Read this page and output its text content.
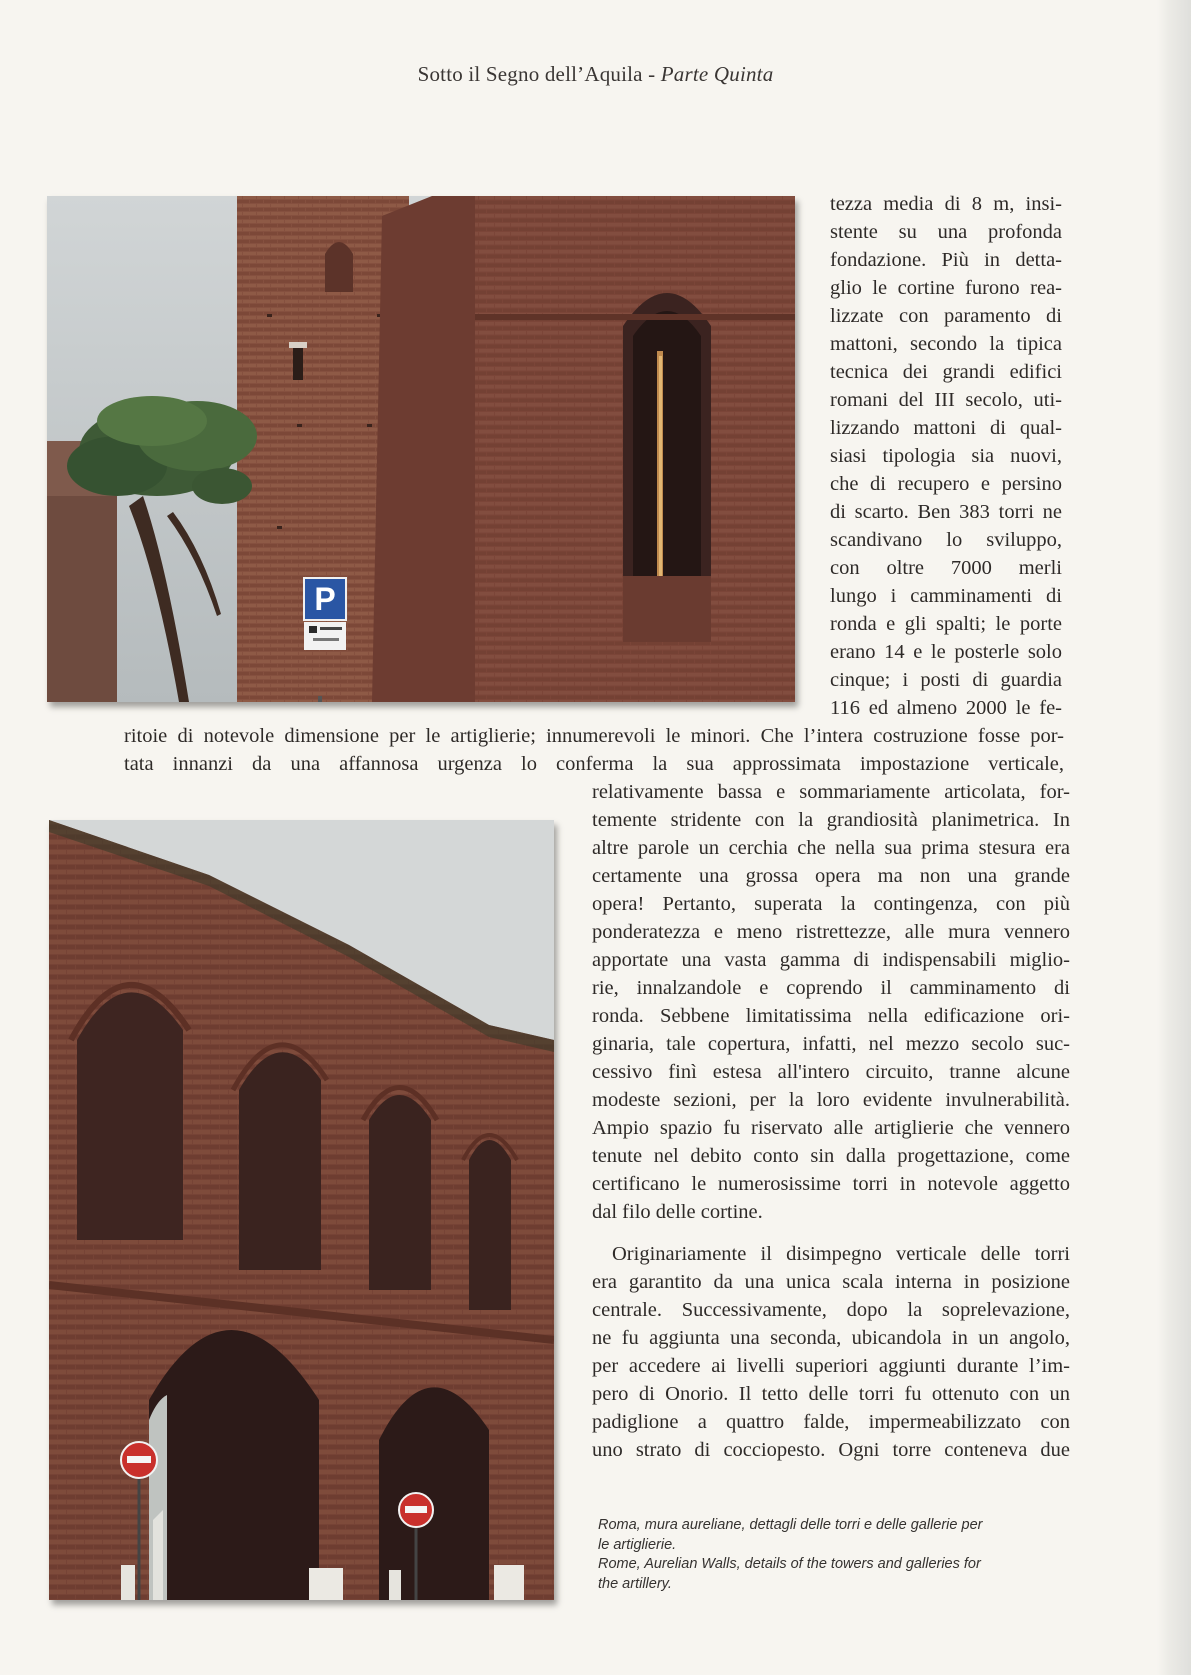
Sotto il Segno dell’Aquila - Parte Quinta
P
tezza media di 8 m, insi-
stente su una profonda
fondazione. Più in detta-
glio le cortine furono rea-
lizzate con paramento di
mattoni, secondo la tipica
tecnica dei grandi edifici
romani del III secolo, uti-
lizzando mattoni di qual-
siasi tipologia sia nuovi,
che di recupero e persino
di scarto. Ben 383 torri ne
scandivano lo sviluppo,
con oltre 7000 merli
lungo i camminamenti di
ronda e gli spalti; le porte
erano 14 e le posterle solo
cinque; i posti di guardia
116 ed almeno 2000 le fe-
ritoie di notevole dimensione per le artiglierie; innumerevoli le minori. Che l’intera costruzione fosse por-
tata innanzi da una affannosa urgenza lo conferma la sua approssimata impostazione verticale,
relativamente bassa e sommariamente articolata, for-
temente stridente con la grandiosità planimetrica. In
altre parole un cerchia che nella sua prima stesura era
certamente una grossa opera ma non una grande
opera! Pertanto, superata la contingenza, con più
ponderatezza e meno ristrettezze, alle mura vennero
apportate una vasta gamma di indispensabili miglio-
rie, innalzandole e coprendo il camminamento di
ronda. Sebbene limitatissima nella edificazione ori-
ginaria, tale copertura, infatti, nel mezzo secolo suc-
cessivo finì estesa all'intero circuito, tranne alcune
modeste sezioni, per la loro evidente invulnerabilità.
Ampio spazio fu riservato alle artiglierie che vennero
tenute nel debito conto sin dalla progettazione, come
certificano le numerosissime torri in notevole aggetto
dal filo delle cortine.
Originariamente il disimpegno verticale delle torri
era garantito da una unica scala interna in posizione
centrale. Successivamente, dopo la soprelevazione,
ne fu aggiunta una seconda, ubicandola in un angolo,
per accedere ai livelli superiori aggiunti durante l’im-
pero di Onorio. Il tetto delle torri fu ottenuto con un
padiglione a quattro falde, impermeabilizzato con
uno strato di cocciopesto. Ogni torre conteneva due
Roma, mura aureliane, dettagli delle torri e delle gallerie per
le artiglierie.
Rome, Aurelian Walls, details of the towers and galleries for
the artillery.
